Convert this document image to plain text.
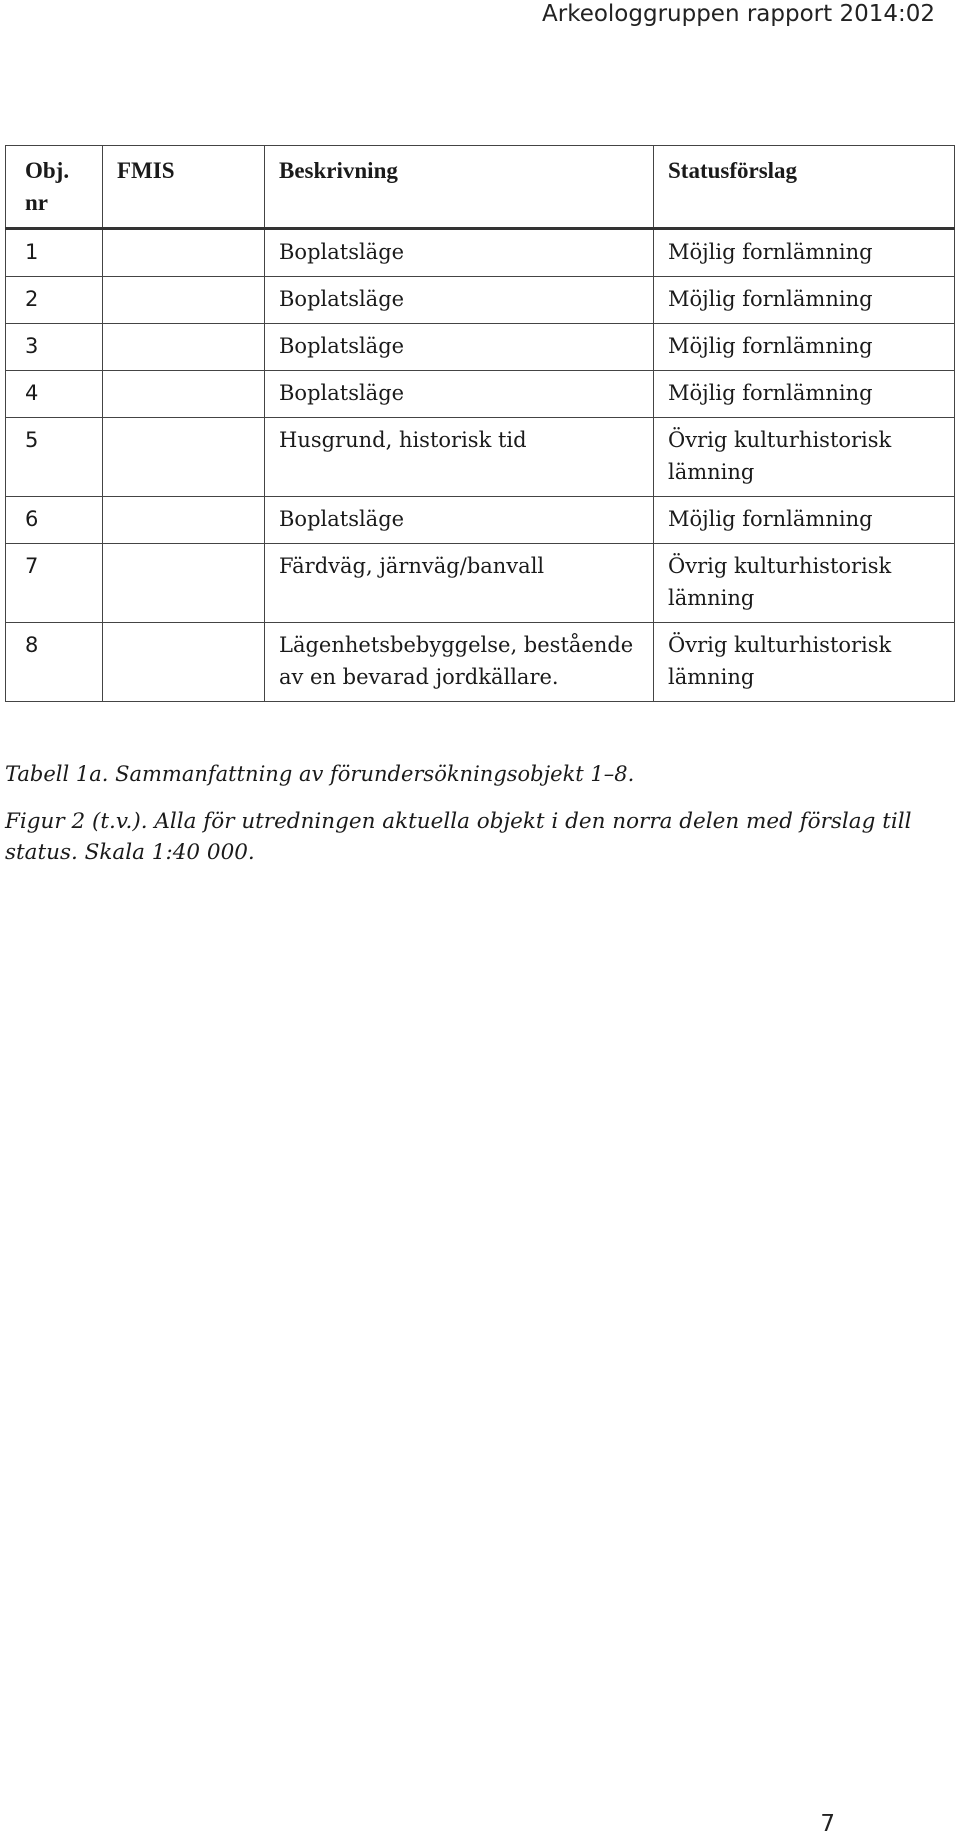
Arkeologgruppen rapport 2014:02
Obj. nr	FMIS	Beskrivning	Statusförslag
1		Boplatsläge	Möjlig fornlämning
2		Boplatsläge	Möjlig fornlämning
3		Boplatsläge	Möjlig fornlämning
4		Boplatsläge	Möjlig fornlämning
5		Husgrund, historisk tid	Övrig kulturhistorisk lämning
6		Boplatsläge	Möjlig fornlämning
7		Färdväg, järnväg/banvall	Övrig kulturhistorisk lämning
8		Lägenhetsbebyggelse, bestående av en bevarad jordkällare.	Övrig kulturhistorisk lämning
Tabell 1a. Sammanfattning av förundersökningsobjekt 1–8.
Figur 2 (t.v.). Alla för utredningen aktuella objekt i den norra delen med förslag till status. Skala 1:40 000.
7
